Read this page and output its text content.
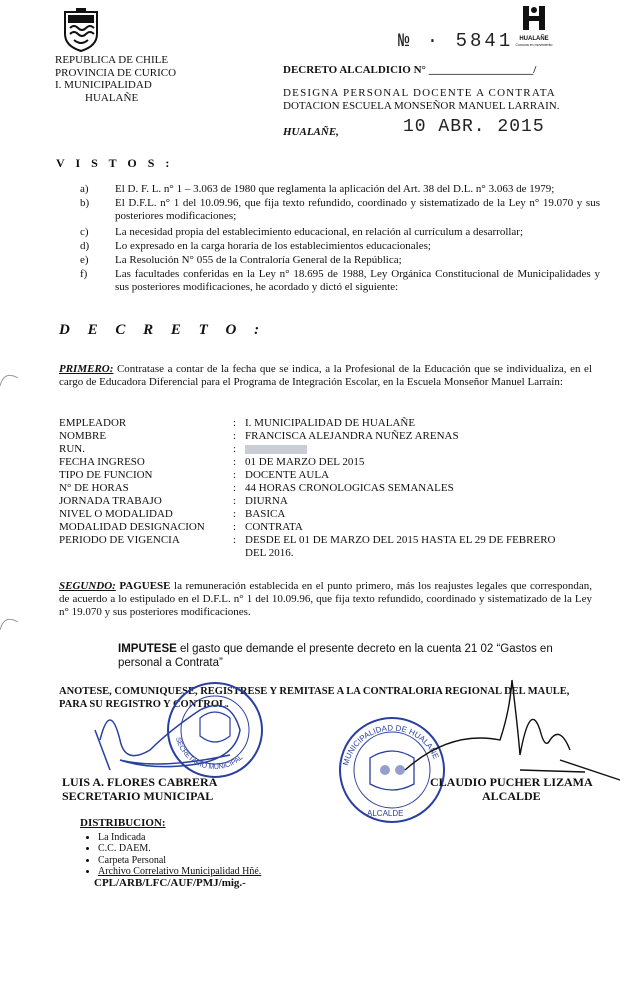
REPUBLICA DE CHILE
PROVINCIA DE CURICO
I. MUNICIPALIDAD
HUALAÑE
HUALAÑE
Comuna en movimiento
№ · 5841
DECRETO ALCALDICIO N° ___________________/
DESIGNA PERSONAL DOCENTE A CONTRATA
DOTACION ESCUELA MONSEÑOR MANUEL LARRAIN.
HUALAÑE,	10 ABR. 2015
V I S T O S :
a) El D. F. L. n° 1 – 3.063 de 1980 que reglamenta la aplicación del Art. 38 del D.L. n° 3.063 de 1979;
b) El D.F.L. n° 1 del 10.09.96, que fija texto refundido, coordinado y sistematizado de la Ley n° 19.070 y sus posteriores modificaciones;
c) La necesidad propia del establecimiento educacional, en relación al currículum a desarrollar;
d) Lo expresado en la carga horaria de los establecimientos educacionales;
e) La Resolución N° 055 de la Contraloría General de la República;
f)	Las facultades conferidas en la Ley n° 18.695 de 1988, Ley Orgánica Constitucional de Municipalidades y sus posteriores modificaciones, he acordado y dictó el siguiente:
D E C R E T O :
PRIMERO: Contratase a contar de la fecha que se indica, a la Profesional de la Educación que se individualiza, en el cargo de Educadora Diferencial para el Programa de Integración Escolar, en la Escuela Monseñor Manuel Larraín:
EMPLEADOR	: I. MUNICIPALIDAD DE HUALAÑE
NOMBRE	: FRANCISCA ALEJANDRA NUÑEZ ARENAS
RUN.	:
FECHA INGRESO	: 01 DE MARZO DEL 2015
TIPO DE FUNCION	: DOCENTE AULA
N° DE HORAS	: 44 HORAS CRONOLOGICAS SEMANALES
JORNADA TRABAJO	: DIURNA
NIVEL O MODALIDAD	: BASICA
MODALIDAD DESIGNACION	: CONTRATA
PERIODO DE VIGENCIA	: DESDE EL 01 DE MARZO DEL 2015 HASTA EL 29 DE FEBRERO
DEL 2016.
SEGUNDO: PAGUESE la remuneración establecida en el punto primero, más los reajustes legales que correspondan, de acuerdo a lo estipulado en el D.F.L. n° 1 del 10.09.96, que fija texto refundido, coordinado y sistematizado de la Ley n° 19.070 y sus posteriores modificaciones.
IMPUTESE el gasto que demande el presente decreto en la cuenta 21 02 “Gastos en personal a Contrata”
ANOTESE, COMUNIQUESE, REGISTRESE Y REMITASE A LA CONTRALORIA REGIONAL DEL MAULE, PARA SU REGISTRO Y CONTROL.
SECRETARIO MUNICIPAL	MUNICIPALIDAD DE HUALAÑE
ALCALDE
LUIS A. FLORES CABRERA
SECRETARIO MUNICIPAL
CLAUDIO PUCHER LIZAMA
ALCALDE
DISTRIBUCION:
• La Indicada
• C.C. DAEM.
• Carpeta Personal
• Archivo Correlativo Municipalidad Hñé.
CPL/ARB/LFC/AUF/PMJ/mig.-
